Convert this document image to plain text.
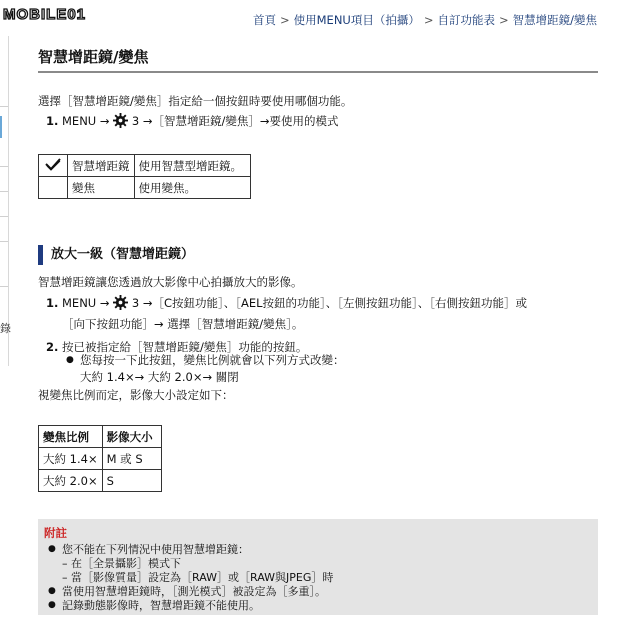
MOBILE01	首頁 > 使用MENU項目（拍攝） > 自訂功能表 > 智慧增距鏡/變焦
錄
智慧增距鏡/變焦
選擇［智慧增距鏡/變焦］指定給一個按鈕時要使用哪個功能。
1. MENU → 3 →［智慧增距鏡/變焦］→要使用的模式
	智慧增距鏡	使用智慧型增距鏡。
	變焦	使用變焦。
放大一級（智慧增距鏡）
智慧增距鏡讓您透過放大影像中心拍攝放大的影像。
1. MENU → 3 →［C按鈕功能］、［AEL按鈕的功能］、［左側按鈕功能］、［右側按鈕功能］或
［向下按鈕功能］→ 選擇［智慧增距鏡/變焦］。
2. 按已被指定給［智慧增距鏡/變焦］功能的按鈕。
● 您每按一下此按鈕，變焦比例就會以下列方式改變：
大約 1.4×→ 大約 2.0×→ 關閉
視變焦比例而定，影像大小設定如下：
變焦比例	影像大小
大約 1.4×	M 或 S
大約 2.0×	S
附註
● 您不能在下列情況中使用智慧增距鏡：
– 在［全景攝影］模式下
– 當［影像質量］設定為［RAW］或［RAW與JPEG］時
● 當使用智慧增距鏡時，［測光模式］被設定為［多重］。
● 記錄動態影像時，智慧增距鏡不能使用。
